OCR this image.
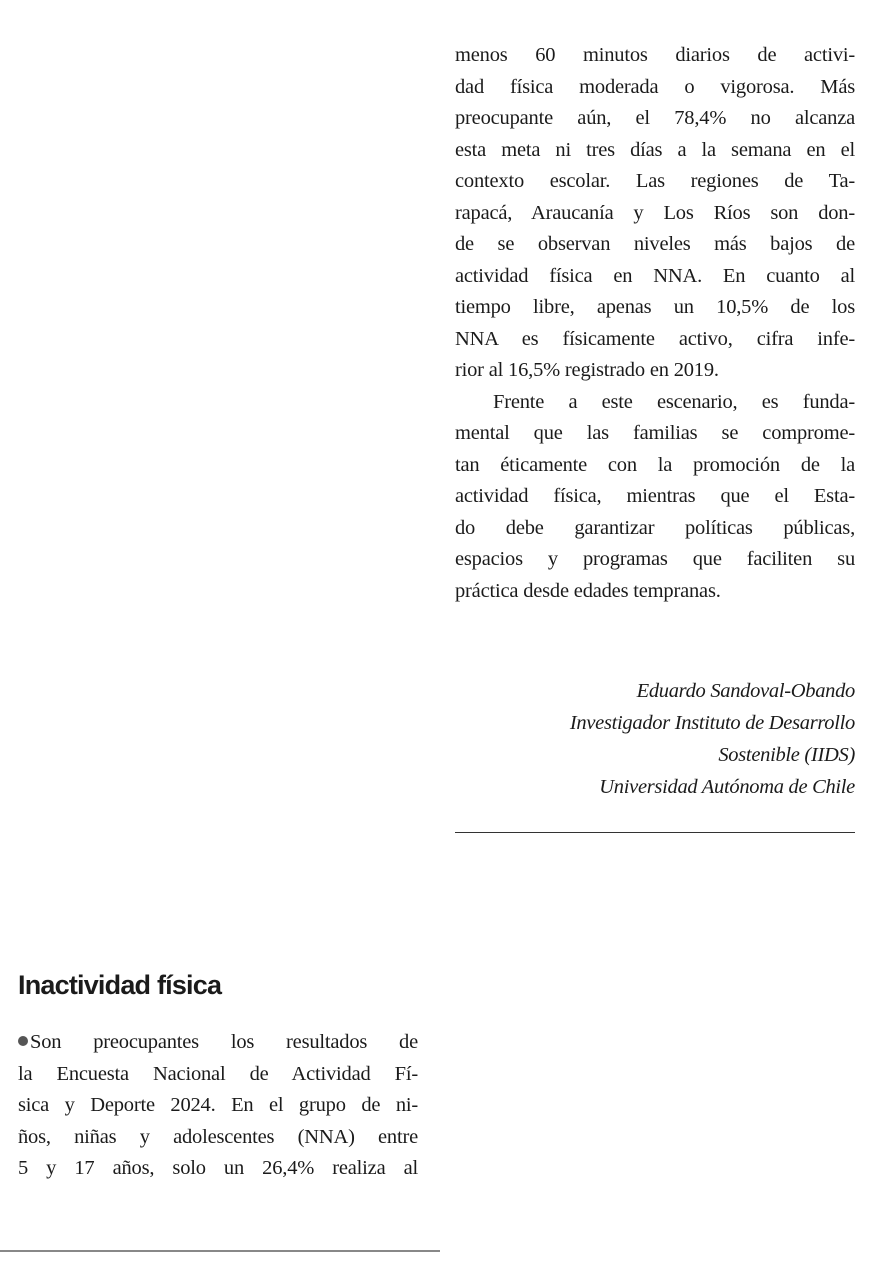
menos 60 minutos diarios de activi-
dad física moderada o vigorosa. Más
preocupante aún, el 78,4% no alcanza
esta meta ni tres días a la semana en el
contexto escolar. Las regiones de Ta-
rapacá, Araucanía y Los Ríos son don-
de se observan niveles más bajos de
actividad física en NNA. En cuanto al
tiempo libre, apenas un 10,5% de los
NNA es físicamente activo, cifra infe-
rior al 16,5% registrado en 2019.
Frente a este escenario, es funda-
mental que las familias se comprome-
tan éticamente con la promoción de la
actividad física, mientras que el Esta-
do debe garantizar políticas públicas,
espacios y programas que faciliten su
práctica desde edades tempranas.
Eduardo Sandoval-Obando
Investigador Instituto de Desarrollo
Sostenible (IIDS)
Universidad Autónoma de Chile
Inactividad física
Son preocupantes los resultados de
la Encuesta Nacional de Actividad Fí-
sica y Deporte 2024. En el grupo de ni-
ños, niñas y adolescentes (NNA) entre
5 y 17 años, solo un 26,4% realiza al
